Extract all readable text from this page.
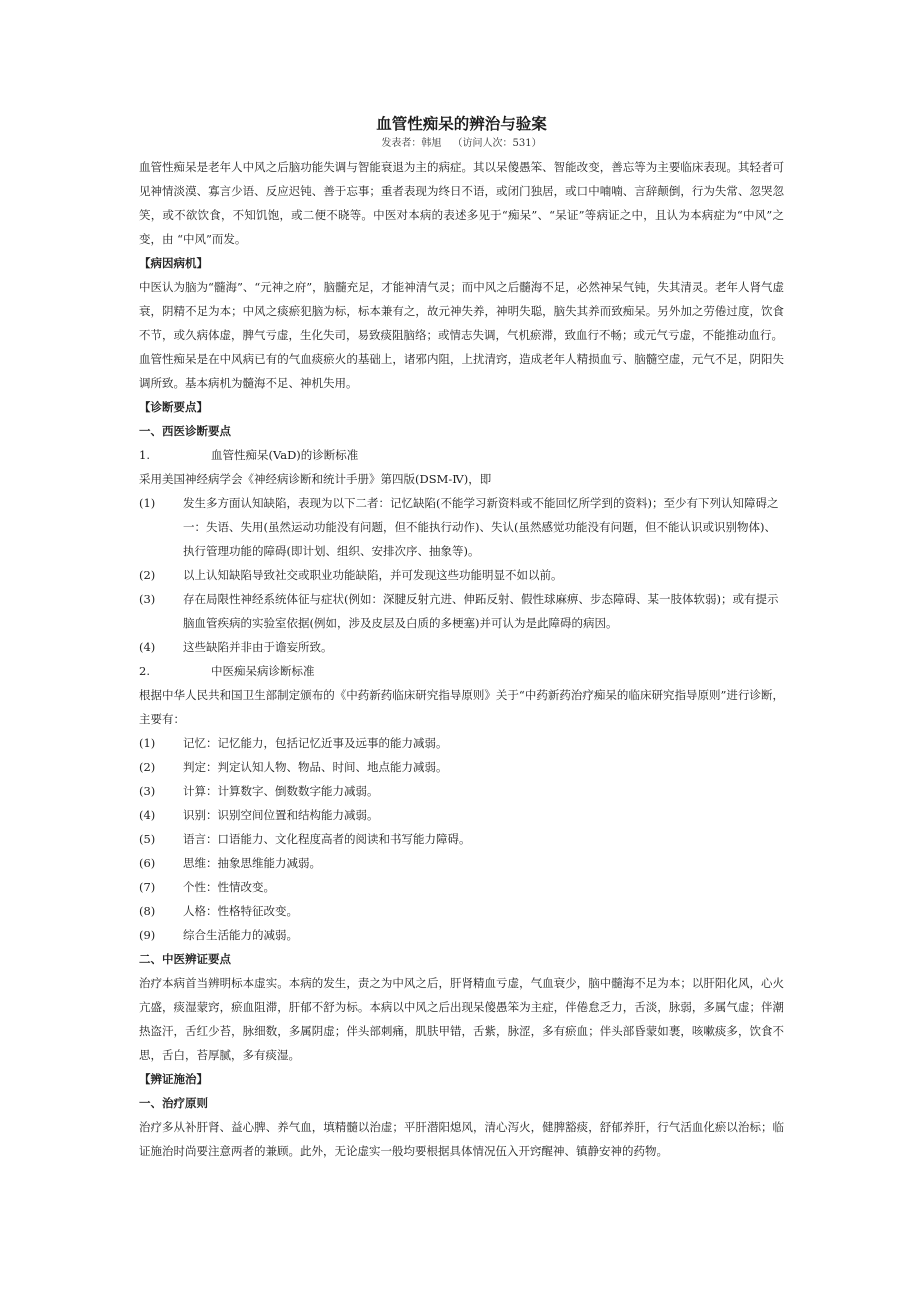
血管性痴呆的辨治与验案
发表者：韩旭 （访问人次：531）

血管性痴呆是老年人中风之后脑功能失调与智能衰退为主的病症。其以呆傻愚笨、智能改变，善忘等为主要临床表现。其轻者可见神情淡漠、寡言少语、反应迟钝、善于忘事；重者表现为终日不语，或闭门独居，或口中喃喃、言辞颠倒，行为失常、忽哭忽笑，或不欲饮食，不知饥饱，或二便不晓等。中医对本病的表述多见于“痴呆”、“呆证”等病证之中，且认为本病症为“中风”之变，由 “中风”而发。

【病因病机】

中医认为脑为“髓海”、“元神之府”，脑髓充足，才能神清气灵；而中风之后髓海不足，必然神呆气钝，失其清灵。老年人肾气虚衰，阴精不足为本；中风之痰瘀犯脑为标，标本兼有之，故元神失养，神明失聪，脑失其养而致痴呆。另外加之劳倦过度，饮食不节，或久病体虚，脾气亏虚，生化失司，易致痰阻脑络；或情志失调，气机瘀滞，致血行不畅；或元气亏虚，不能推动血行。

血管性痴呆是在中风病已有的气血痰瘀火的基础上，诸邪内阻，上扰清窍，造成老年人精损血亏、脑髓空虚，元气不足，阴阳失调所致。基本病机为髓海不足、神机失用。

【诊断要点】

一、西医诊断要点

1.	血管性痴呆(VaD)的诊断标准

采用美国神经病学会《神经病诊断和统计手册》第四版(DSM-Ⅳ)，即

(1)	发生多方面认知缺陷，表现为以下二者：记忆缺陷(不能学习新资料或不能回忆所学到的资料)；至少有下列认知障碍之一：失语、失用(虽然运动功能没有问题，但不能执行动作)、失认(虽然感觉功能没有问题，但不能认识或识别物体)、执行管理功能的障碍(即计划、组织、安排次序、抽象等)。
(2)	以上认知缺陷导致社交或职业功能缺陷，并可发现这些功能明显不如以前。
(3)	存在局限性神经系统体征与症状(例如：深腱反射亢进、伸跖反射、假性球麻痹、步态障碍、某一肢体软弱)；或有提示脑血管疾病的实验室依据(例如，涉及皮层及白质的多梗塞)并可认为是此障碍的病因。
(4)	这些缺陷并非由于谵妄所致。
2.	中医痴呆病诊断标准

根据中华人民共和国卫生部制定颁布的《中药新药临床研究指导原则》关于“中药新药治疗痴呆的临床研究指导原则”进行诊断，主要有：

(1)	记忆：记忆能力，包括记忆近事及远事的能力减弱。
(2)	判定：判定认知人物、物品、时间、地点能力减弱。
(3)	计算：计算数字、倒数数字能力减弱。
(4)	识别：识别空间位置和结构能力减弱。
(5)	语言：口语能力、文化程度高者的阅读和书写能力障碍。
(6)	思维：抽象思维能力减弱。
(7)	个性：性情改变。
(8)	人格：性格特征改变。
(9)	综合生活能力的减弱。

二、中医辨证要点

治疗本病首当辨明标本虚实。本病的发生，责之为中风之后，肝肾精血亏虚，气血衰少，脑中髓海不足为本；以肝阳化风，心火亢盛，痰湿蒙窍，瘀血阻滞，肝郁不舒为标。本病以中风之后出现呆傻愚笨为主症，伴倦怠乏力，舌淡，脉弱，多属气虚；伴潮热盗汗，舌红少苔，脉细数，多属阴虚；伴头部刺痛，肌肤甲错，舌紫，脉涩，多有瘀血；伴头部昏蒙如裹，咳嗽痰多，饮食不思，舌白，苔厚腻，多有痰湿。

【辨证施治】

一、治疗原则

治疗多从补肝肾、益心脾、养气血，填精髓以治虚；平肝潜阳熄风，清心泻火，健脾豁痰，舒郁养肝，行气活血化瘀以治标；临证施治时尚要注意两者的兼顾。此外，无论虚实一般均要根据具体情况伍入开窍醒神、镇静安神的药物。
